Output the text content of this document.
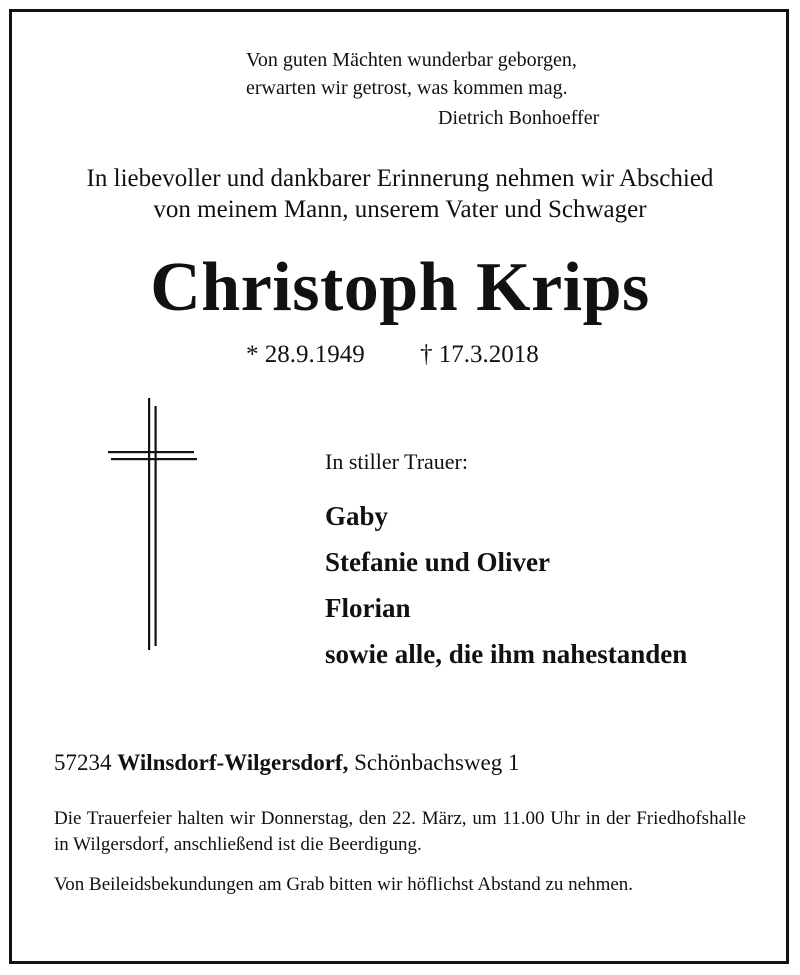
Von guten Mächten wunderbar geborgen,
erwarten wir getrost, was kommen mag.
Dietrich Bonhoeffer
In liebevoller und dankbarer Erinnerung nehmen wir Abschied
von meinem Mann, unserem Vater und Schwager
Christoph Krips
* 28.9.1949 † 17.3.2018
In stiller Trauer:
Gaby
Stefanie und Oliver
Florian
sowie alle, die ihm nahestanden
57234 Wilnsdorf-Wilgersdorf, Schönbachsweg 1
Die Trauerfeier halten wir Donnerstag, den 22. März, um 11.00 Uhr in der Friedhofshalle in Wilgersdorf, anschließend ist die Beerdigung.
Von Beileidsbekundungen am Grab bitten wir höflichst Abstand zu nehmen.
